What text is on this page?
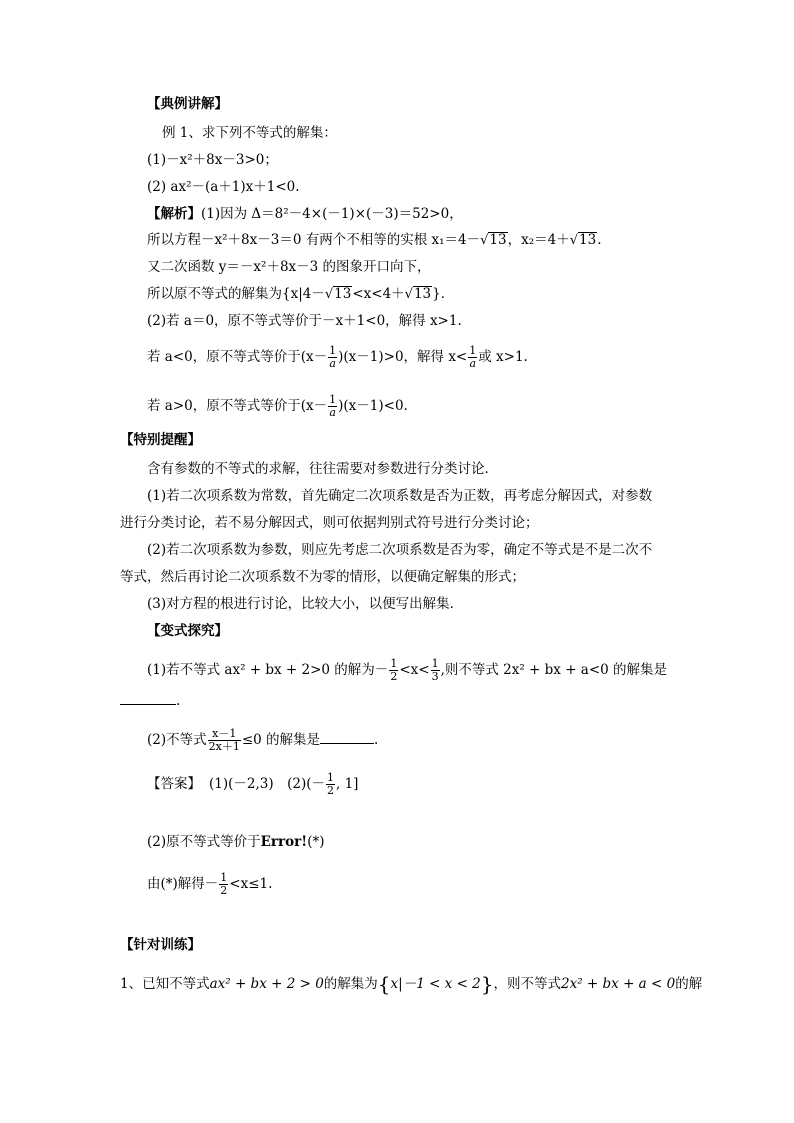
【典例讲解】
例 1、求下列不等式的解集：
(1)－x²＋8x－3>0；
(2) ax²－(a＋1)x＋1<0.
【解析】(1)因为 Δ＝8²－4×(－1)×(－3)＝52>0，
所以方程－x²＋8x－3＝0 有两个不相等的实根 x₁＝4－√13，x₂＝4＋√13.
又二次函数 y＝－x²＋8x－3 的图象开口向下，
所以原不等式的解集为{x|4－√13<x<4＋√13}．
(2)若 a＝0，原不等式等价于－x＋1<0，解得 x>1.
若 a<0，原不等式等价于$(x- \frac{1}{a} )(x-1)>0$，解得 $x< \frac{1}{a}$ 或 x>1.
若 a>0，原不等式等价于$(x- \frac{1}{a} )(x-1)<0$.
【特别提醒】
含有参数的不等式的求解，往往需要对参数进行分类讨论．
(1)若二次项系数为常数，首先确定二次项系数是否为正数，再考虑分解因式，对参数
进行分类讨论，若不易分解因式，则可依据判别式符号进行分类讨论；
(2)若二次项系数为参数，则应先考虑二次项系数是否为零，确定不等式是不是二次不
等式，然后再讨论二次项系数不为零的情形，以便确定解集的形式；
(3)对方程的根进行讨论，比较大小，以便写出解集．
【变式探究】
(1)若不等式 ax² + bx + 2>0 的解为－ $\frac{1}{2} <x< \frac{1}{3}$ ,则不等式 2x² + bx + a<0 的解集是
.
(2)不等式 $\frac{x-1}{2x+1} \le 0$ 的解集是	.
【答案】 (1)(－2,3)　$(2)(- \frac{1}{2}$ , 1]
(2)原不等式等价于Error!(*)
由(*)解得－ $\frac{1}{2} <x\le 1$.
【针对训练】
1、已知不等式ax² + bx + 2 > 0的解集为{x|－1 < x < 2}，则不等式2x² + bx + a < 0的解
